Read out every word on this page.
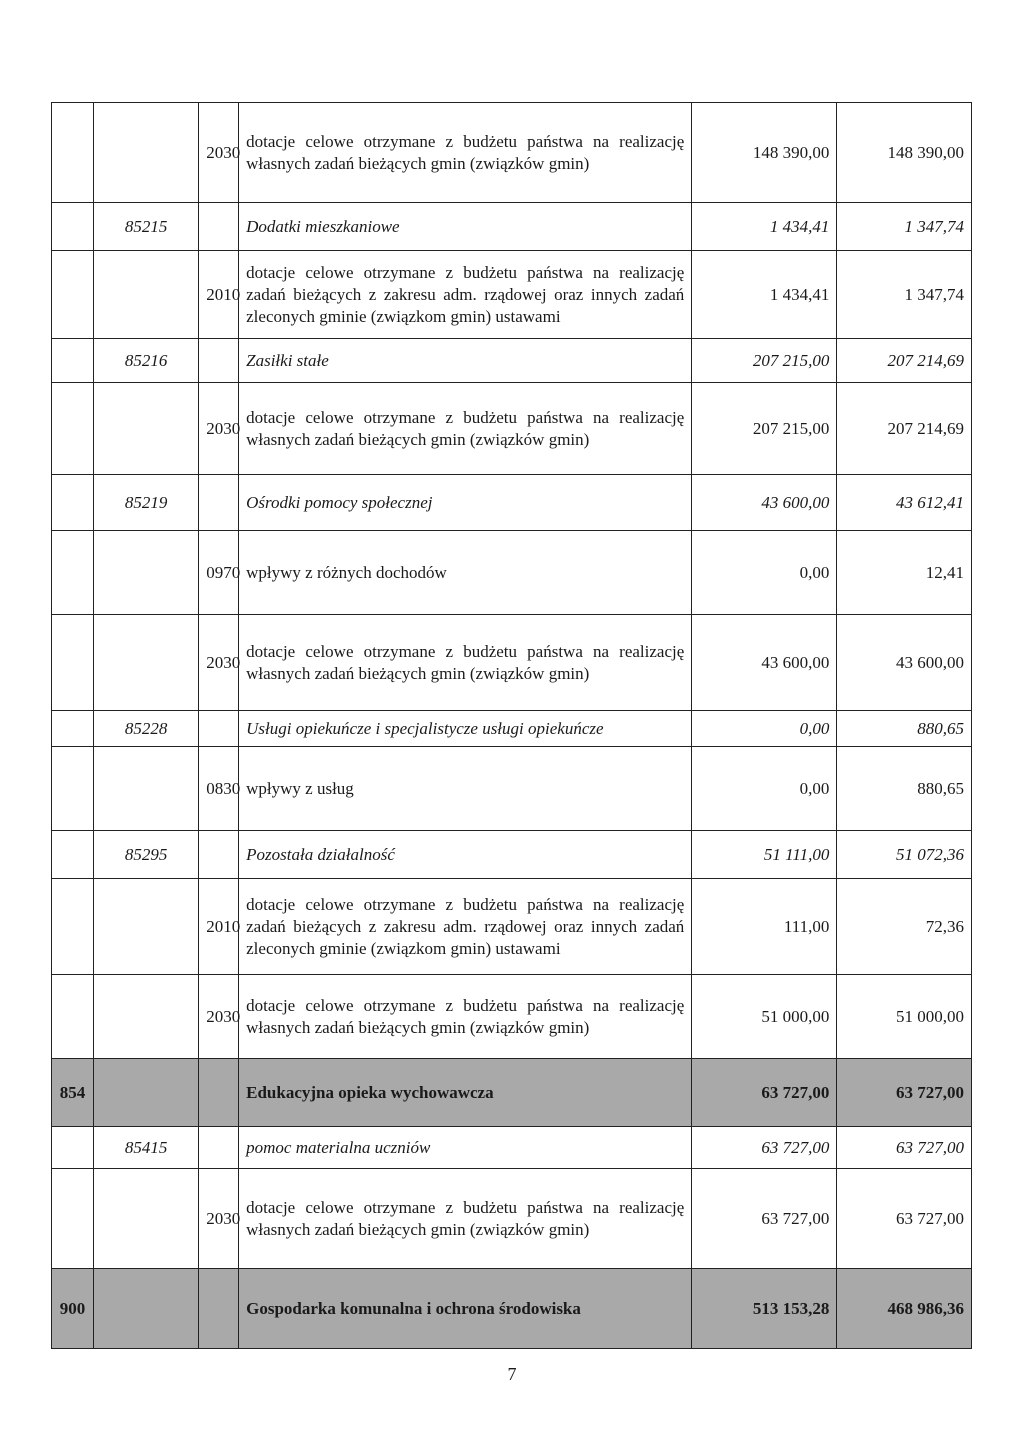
		2030	dotacje celowe otrzymane z budżetu państwa na realizację własnych zadań bieżących gmin (związków gmin)	148 390,00	148 390,00
	85215		Dodatki mieszkaniowe	1 434,41	1 347,74
		2010	dotacje celowe otrzymane z budżetu państwa na realizację zadań bieżących z zakresu adm. rządowej oraz innych zadań zleconych gminie (związkom gmin) ustawami	1 434,41	1 347,74
	85216		Zasiłki stałe	207 215,00	207 214,69
		2030	dotacje celowe otrzymane z budżetu państwa na realizację własnych zadań bieżących gmin (związków gmin)	207 215,00	207 214,69
	85219		Ośrodki pomocy społecznej	43 600,00	43 612,41
		0970	wpływy z różnych dochodów	0,00	12,41
		2030	dotacje celowe otrzymane z budżetu państwa na realizację własnych zadań bieżących gmin (związków gmin)	43 600,00	43 600,00
	85228		Usługi opiekuńcze i specjalistycze usługi opiekuńcze	0,00	880,65
		0830	wpływy z usług	0,00	880,65
	85295		Pozostała działalność	51 111,00	51 072,36
		2010	dotacje celowe otrzymane z budżetu państwa na realizację zadań bieżących z zakresu adm. rządowej oraz innych zadań zleconych gminie (związkom gmin) ustawami	111,00	72,36
		2030	dotacje celowe otrzymane z budżetu państwa na realizację własnych zadań bieżących gmin (związków gmin)	51 000,00	51 000,00
854			Edukacyjna opieka wychowawcza	63 727,00	63 727,00
	85415		pomoc materialna uczniów	63 727,00	63 727,00
		2030	dotacje celowe otrzymane z budżetu państwa na realizację własnych zadań bieżących gmin (związków gmin)	63 727,00	63 727,00
900			Gospodarka komunalna i ochrona środowiska	513 153,28	468 986,36
7
